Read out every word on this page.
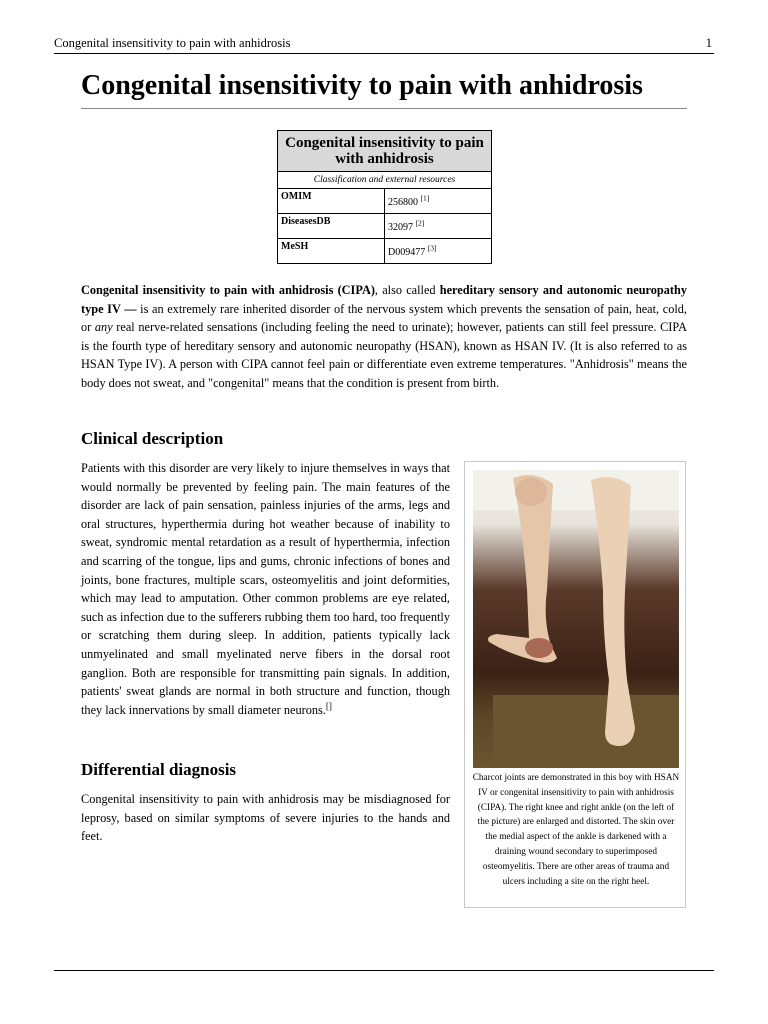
Congenital insensitivity to pain with anhidrosis	1
Congenital insensitivity to pain with anhidrosis
Congenital insensitivity to pain with anhidrosis	
Classification and external resources	
OMIM	256800 [1]
DiseasesDB	32097 [2]
MeSH	D009477 [3]

Congenital insensitivity to pain with anhidrosis (CIPA), also called hereditary sensory and autonomic neuropathy type IV — is an extremely rare inherited disorder of the nervous system which prevents the sensation of pain, heat, cold, or any real nerve-related sensations (including feeling the need to urinate); however, patients can still feel pressure. CIPA is the fourth type of hereditary sensory and autonomic neuropathy (HSAN), known as HSAN IV. (It is also referred to as HSAN Type IV). A person with CIPA cannot feel pain or differentiate even extreme temperatures. "Anhidrosis" means the body does not sweat, and "congenital" means that the condition is present from birth.

Clinical description

Patients with this disorder are very likely to injure themselves in ways that would normally be prevented by feeling pain. The main features of the disorder are lack of pain sensation, painless injuries of the arms, legs and oral structures, hyperthermia during hot weather because of inability to sweat, syndromic mental retardation as a result of hyperthermia, infection and scarring of the tongue, lips and gums, chronic infections of bones and joints, bone fractures, multiple scars, osteomyelitis and joint deformities, which may lead to amputation. Other common problems are eye related, such as infection due to the sufferers rubbing them too hard, too frequently or scratching them during sleep. In addition, patients typically lack unmyelinated and small myelinated nerve fibers in the dorsal root ganglion. Both are responsible for transmitting pain signals. In addition, patients' sweat glands are normal in both structure and function, though they lack innervations by small diameter neurons.[]

Differential diagnosis

Congenital insensitivity to pain with anhidrosis may be misdiagnosed for leprosy, based on similar symptoms of severe injuries to the hands and feet.

Charcot joints are demonstrated in this boy with HSAN IV or congenital insensitivity to pain with anhidrosis (CIPA). The right knee and right ankle (on the left of the picture) are enlarged and distorted. The skin over the medial aspect of the ankle is darkened with a draining wound secondary to superimposed osteomyelitis. There are other areas of trauma and ulcers including a site on the right heel.
